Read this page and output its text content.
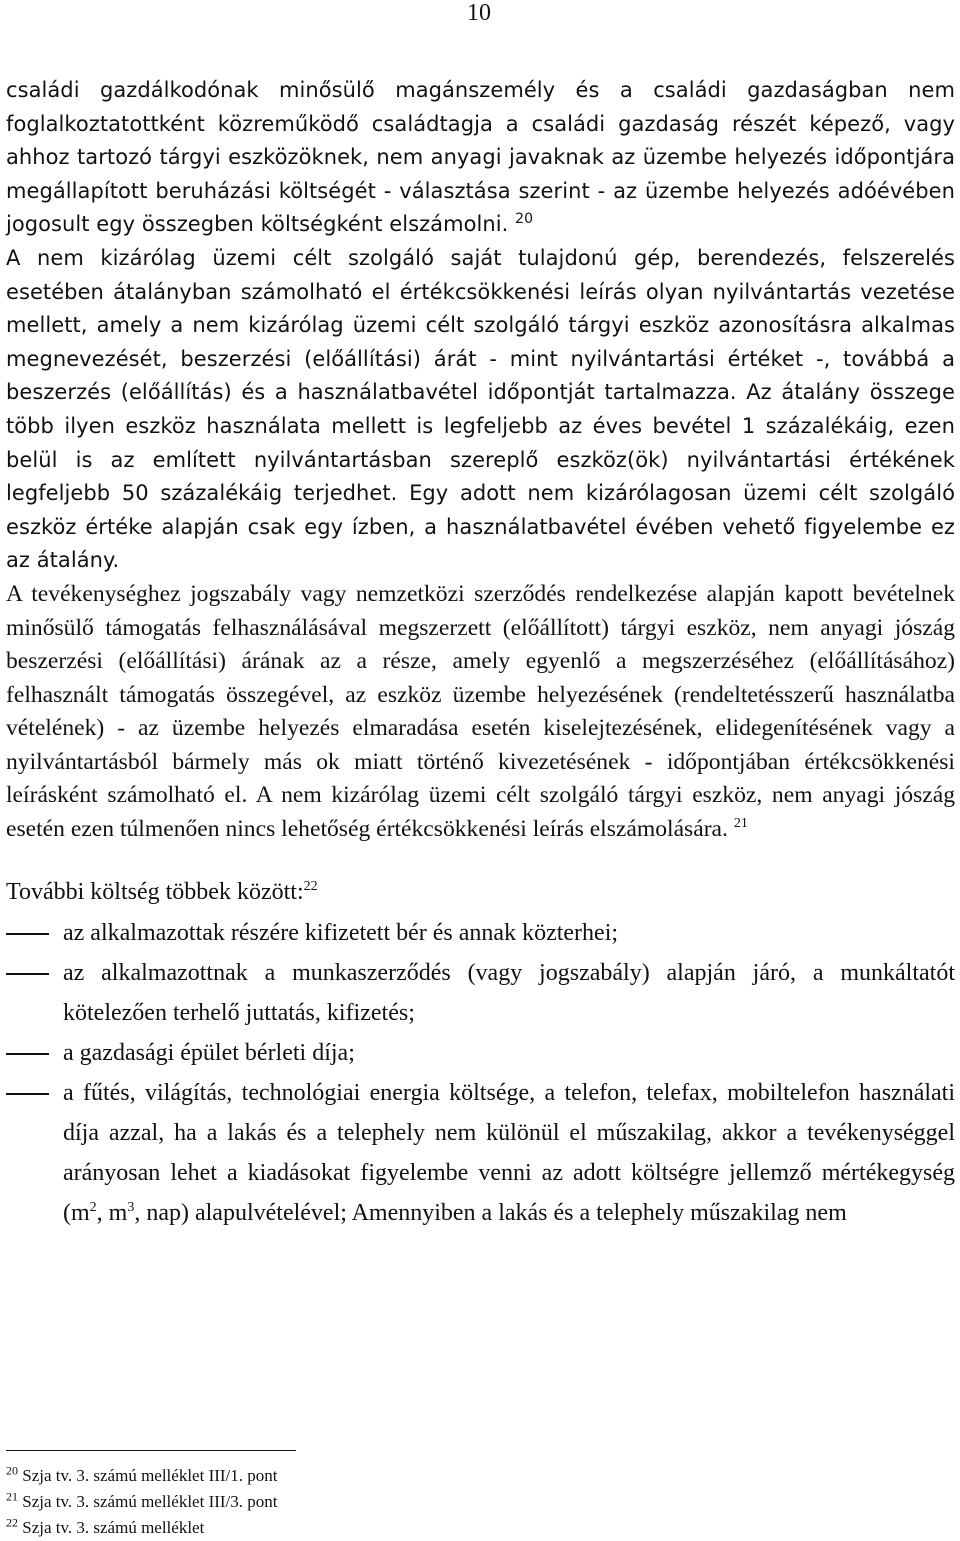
10

családi gazdálkodónak minősülő magánszemély és a családi gazdaságban nem foglalkoztatottként közreműködő családtagja a családi gazdaság részét képező, vagy ahhoz tartozó tárgyi eszközöknek, nem anyagi javaknak az üzembe helyezés időpontjára megállapított beruházási költségét - választása szerint - az üzembe helyezés adóévében jogosult egy összegben költségként elszámolni. $^{20}$
A nem kizárólag üzemi célt szolgáló saját tulajdonú gép, berendezés, felszerelés esetében átalányban számolható el értékcsökkenési leírás olyan nyilvántartás vezetése mellett, amely a nem kizárólag üzemi célt szolgáló tárgyi eszköz azonosításra alkalmas megnevezését, beszerzési (előállítási) árát - mint nyilvántartási értéket -, továbbá a beszerzés (előállítás) és a használatbavétel időpontját tartalmazza. Az átalány összege több ilyen eszköz használata mellett is legfeljebb az éves bevétel 1 százalékáig, ezen belül is az említett nyilvántartásban szereplő eszköz(ök) nyilvántartási értékének legfeljebb 50 százalékáig terjedhet. Egy adott nem kizárólagosan üzemi célt szolgáló eszköz értéke alapján csak egy ízben, a használatbavétel évében vehető figyelembe ez az átalány.

A tevékenységhez jogszabály vagy nemzetközi szerződés rendelkezése alapján kapott bevételnek minősülő támogatás felhasználásával megszerzett (előállított) tárgyi eszköz, nem anyagi jószág beszerzési (előállítási) árának az a része, amely egyenlő a megszerzéséhez (előállításához) felhasznált támogatás összegével, az eszköz üzembe helyezésének (rendeltetésszerű használatba vételének) - az üzembe helyezés elmaradása esetén kiselejtezésének, elidegenítésének vagy a nyilvántartásból bármely más ok miatt történő kivezetésének - időpontjában értékcsökkenési leírásként számolható el. A nem kizárólag üzemi célt szolgáló tárgyi eszköz, nem anyagi jószág esetén ezen túlmenően nincs lehetőség értékcsökkenési leírás elszámolására. $^{21}$

További költség többek között:$^{22}$

az alkalmazottak részére kifizetett bér és annak közterhei;
az alkalmazottnak a munkaszerződés (vagy jogszabály) alapján járó, a munkáltatót kötelezően terhelő juttatás, kifizetés;
a gazdasági épület bérleti díja;
a fűtés, világítás, technológiai energia költsége, a telefon, telefax, mobiltelefon használati díja azzal, ha a lakás és a telephely nem különül el műszakilag, akkor a tevékenységgel arányosan lehet a kiadásokat figyelembe venni az adott költségre jellemző mértékegység ($m^2$, $m^3$, nap) alapulvételével; Amennyiben a lakás és a telephely műszakilag nem
$^{20}$ Szja tv. 3. számú melléklet III/1. pont
$^{21}$ Szja tv. 3. számú melléklet III/3. pont
$^{22}$ Szja tv. 3. számú melléklet
